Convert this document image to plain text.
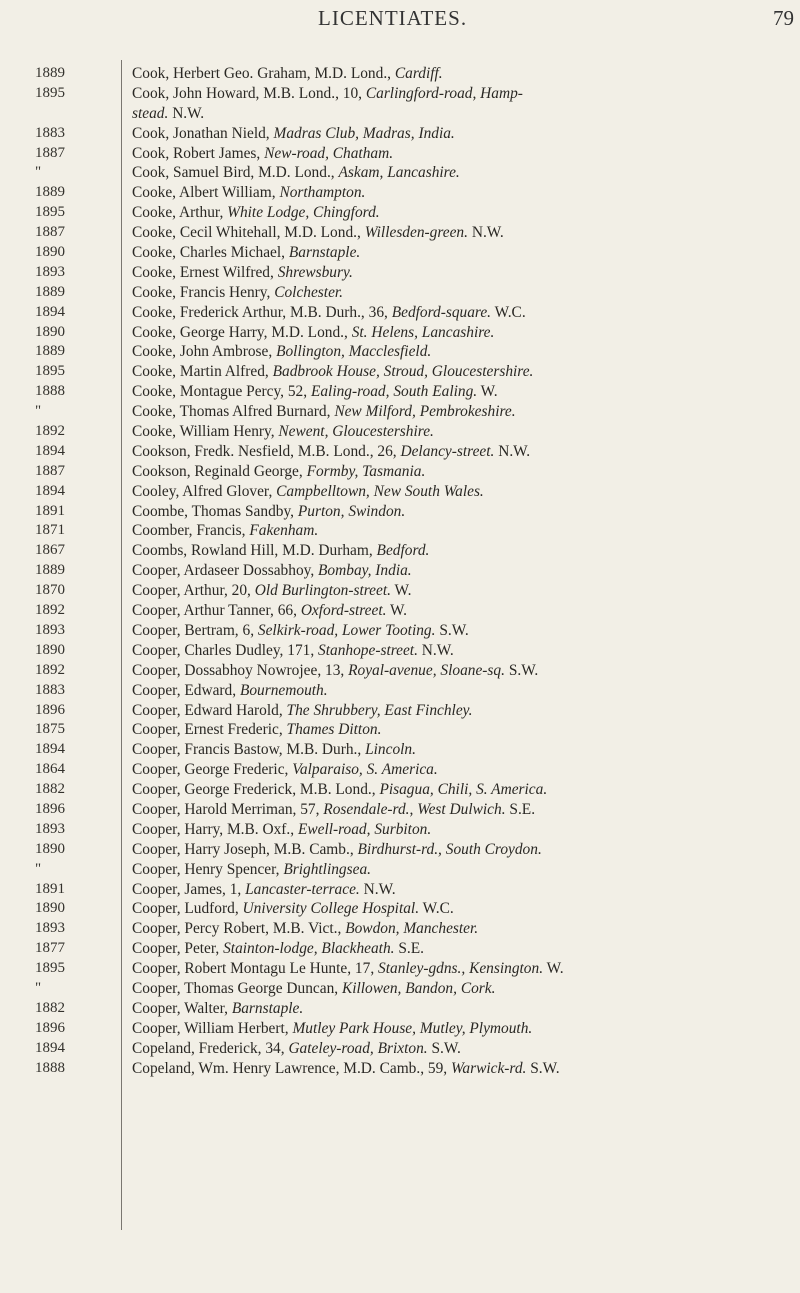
LICENTIATES.	79
1889
1895
1883
1887
"
1889
1895
1887
1890
1893
1889
1894
1890
1889
1895
1888
"
1892
1894
1887
1894
1891
1871
1867
1889
1870
1892
1893
1890
1892
1883
1896
1875
1894
1864
1882
1896
1893
1890
"
1891
1890
1893
1877
1895
"
1882
1896
1894
1888
Cook, Herbert Geo. Graham, M.D. Lond., Cardiff.
Cook, John Howard, M.B. Lond., 10, Carlingford-road, Hamp-
stead. N.W.
Cook, Jonathan Nield, Madras Club, Madras, India.
Cook, Robert James, New-road, Chatham.
Cook, Samuel Bird, M.D. Lond., Askam, Lancashire.
Cooke, Albert William, Northampton.
Cooke, Arthur, White Lodge, Chingford.
Cooke, Cecil Whitehall, M.D. Lond., Willesden-green. N.W.
Cooke, Charles Michael, Barnstaple.
Cooke, Ernest Wilfred, Shrewsbury.
Cooke, Francis Henry, Colchester.
Cooke, Frederick Arthur, M.B. Durh., 36, Bedford-square. W.C.
Cooke, George Harry, M.D. Lond., St. Helens, Lancashire.
Cooke, John Ambrose, Bollington, Macclesfield.
Cooke, Martin Alfred, Badbrook House, Stroud, Gloucestershire.
Cooke, Montague Percy, 52, Ealing-road, South Ealing. W.
Cooke, Thomas Alfred Burnard, New Milford, Pembrokeshire.
Cooke, William Henry, Newent, Gloucestershire.
Cookson, Fredk. Nesfield, M.B. Lond., 26, Delancy-street. N.W.
Cookson, Reginald George, Formby, Tasmania.
Cooley, Alfred Glover, Campbelltown, New South Wales.
Coombe, Thomas Sandby, Purton, Swindon.
Coomber, Francis, Fakenham.
Coombs, Rowland Hill, M.D. Durham, Bedford.
Cooper, Ardaseer Dossabhoy, Bombay, India.
Cooper, Arthur, 20, Old Burlington-street. W.
Cooper, Arthur Tanner, 66, Oxford-street. W.
Cooper, Bertram, 6, Selkirk-road, Lower Tooting. S.W.
Cooper, Charles Dudley, 171, Stanhope-street. N.W.
Cooper, Dossabhoy Nowrojee, 13, Royal-avenue, Sloane-sq. S.W.
Cooper, Edward, Bournemouth.
Cooper, Edward Harold, The Shrubbery, East Finchley.
Cooper, Ernest Frederic, Thames Ditton.
Cooper, Francis Bastow, M.B. Durh., Lincoln.
Cooper, George Frederic, Valparaiso, S. America.
Cooper, George Frederick, M.B. Lond., Pisagua, Chili, S. America.
Cooper, Harold Merriman, 57, Rosendale-rd., West Dulwich. S.E.
Cooper, Harry, M.B. Oxf., Ewell-road, Surbiton.
Cooper, Harry Joseph, M.B. Camb., Birdhurst-rd., South Croydon.
Cooper, Henry Spencer, Brightlingsea.
Cooper, James, 1, Lancaster-terrace. N.W.
Cooper, Ludford, University College Hospital. W.C.
Cooper, Percy Robert, M.B. Vict., Bowdon, Manchester.
Cooper, Peter, Stainton-lodge, Blackheath. S.E.
Cooper, Robert Montagu Le Hunte, 17, Stanley-gdns., Kensington. W.
Cooper, Thomas George Duncan, Killowen, Bandon, Cork.
Cooper, Walter, Barnstaple.
Cooper, William Herbert, Mutley Park House, Mutley, Plymouth.
Copeland, Frederick, 34, Gateley-road, Brixton. S.W.
Copeland, Wm. Henry Lawrence, M.D. Camb., 59, Warwick-rd. S.W.
